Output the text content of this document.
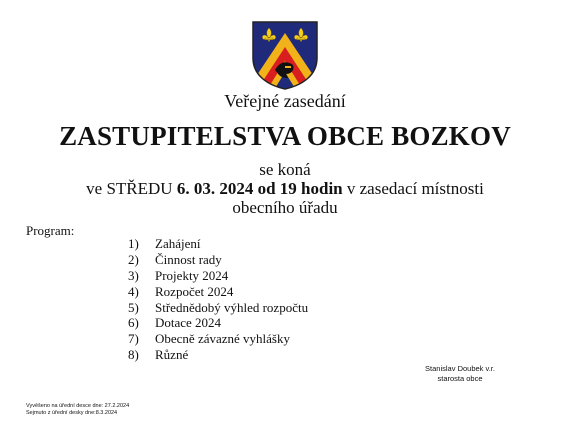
Veřejné zasedání
ZASTUPITELSTVA OBCE BOZKOV
se koná
ve STŘEDU 6. 03. 2024 od 19 hodin v zasedací místnosti
obecního úřadu
Program:
1) Zahájení
2) Činnost rady
3) Projekty 2024
4) Rozpočet 2024
5) Střednědobý výhled rozpočtu
6) Dotace 2024
7) Obecně závazné vyhlášky
8) Různé
Stanislav Doubek v.r.
starosta obce
Vyvěšeno na úřední desce dne: 27.2.2024
Sejmuto z úřední desky dne:8.3.2024
